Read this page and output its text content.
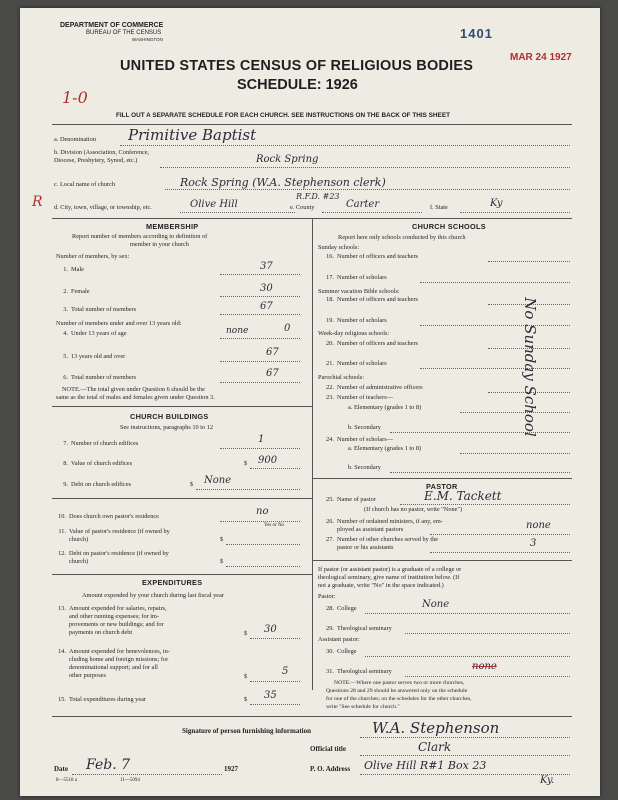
DEPARTMENT OF COMMERCE
BUREAU OF THE CENSUS
WASHINGTON	1401
MAR 24 1927
UNITED STATES CENSUS OF RELIGIOUS BODIES
SCHEDULE: 1926
1-0
FILL OUT A SEPARATE SCHEDULE FOR EACH CHURCH. SEE INSTRUCTIONS ON THE BACK OF THIS SHEET
a. Denomination Primitive Baptist
b. Division (Association, Conference, Diocese, Presbytery, Synod, etc.)	Rock Spring
c. Local name of church	Rock Spring (W.A. Stephenson clerk)
R d. City, town, village, or township, etc.	Olive Hill
R.F.D. #23
e. County	Carter	f. State	Ky
MEMBERSHIP
Report number of members according to definition of
member in your church
Number of members, by sex:
1. Male	37
2. Female	30
3. Total number of members	67
Number of members under and over 13 years old:
4. Under 13 years of age	none	0
5. 13 years old and over	67
6. Total number of members	67
NOTE.—The total given under Question 6 should be the
same as the total of males and females given under Question 3.
CHURCH BUILDINGS
See instructions, paragraphs 10 to 12
7. Number of church edifices	1
8. Value of church edifices	$ 900
9. Debt on church edifices	$ None
10. Does church own pastor's residence	no
Yes or No
11. Value of pastor's residence (if owned by
church)	$
12. Debt on pastor's residence (if owned by
church)	$
EXPENDITURES
Amount expended by your church during last fiscal year
13. Amount expended for salaries, repairs,
and other running expenses; for im-
provements or new buildings; and for
payments on church debt	$ 30
14. Amount expended for benevolences, in-
cluding home and foreign missions; for
denominational support; and for all
other purposes	$	5
15. Total expenditures during year	$ 35
CHURCH SCHOOLS
Report here only schools conducted by this church
Sunday schools:
16. Number of officers and teachers
17. Number of scholars
Summer vacation Bible schools:
18. Number of officers and teachers
19. Number of scholars
Week-day religious schools:
20. Number of officers and teachers
21. Number of scholars
Parochial schools:
22. Number of administrative officers
23. Number of teachers—
a. Elementary (grades 1 to 8)
b. Secondary
24. Number of scholars—
a. Elementary (grades 1 to 8)
b. Secondary
No Sunday School
PASTOR
25. Name of pastor	E.M. Tackett
(If church has no pastor, write "None")
26. Number of ordained ministers, if any, em-
ployed as assistant pastors	none
27. Number of other churches served by the
pastor or his assistants	3
If pastor (or assistant pastor) is a graduate of a college or
theological seminary, give name of institution below. (If
not a graduate, write "No" in the space indicated.)
Pastor:
28. College	None
29. Theological seminary
Assistant pastor:
30. College
31. Theological seminary	none
NOTE.—Where one pastor serves two or more churches,
Questions 28 and 29 should be answered only on the schedule
for one of the churches; on the schedules for the other churches,
write "See schedule for church."
Signature of person furnishing information	W.A. Stephenson
Official title	Clark
Date Feb. 7	1927	P. O. Address Olive Hill R#1 Box 23
Ky.
8—5518 a	11—5094
